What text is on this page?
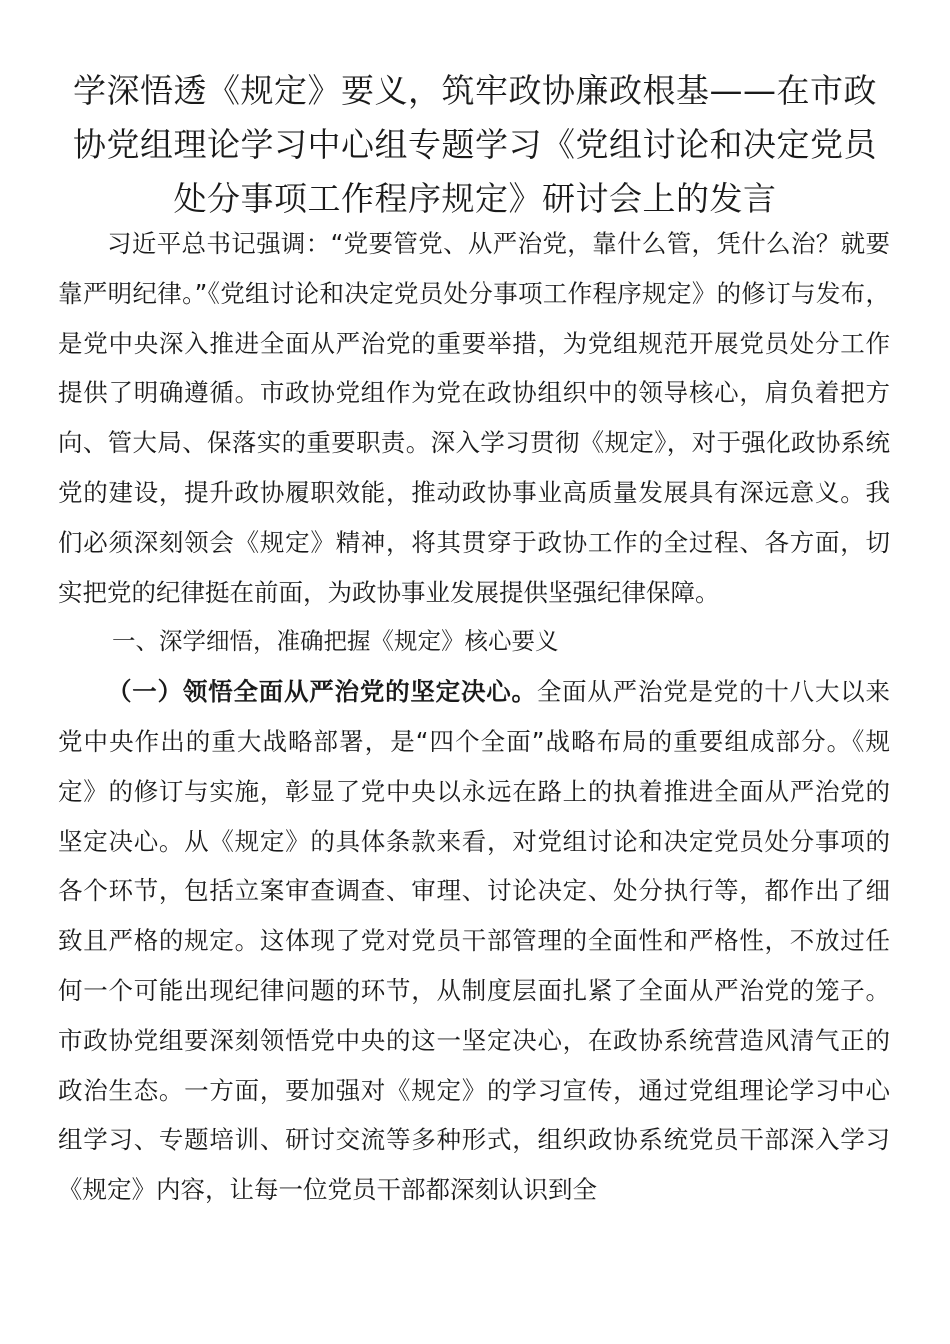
学深悟透《规定》要义，筑牢政协廉政根基——在市政协党组理论学习中心组专题学习《党组讨论和决定党员处分事项工作程序规定》研讨会上的发言

习近平总书记强调：“党要管党、从严治党，靠什么管，凭什么治？就要靠严明纪律。”《党组讨论和决定党员处分事项工作程序规定》的修订与发布，是党中央深入推进全面从严治党的重要举措，为党组规范开展党员处分工作提供了明确遵循。市政协党组作为党在政协组织中的领导核心，肩负着把方向、管大局、保落实的重要职责。深入学习贯彻《规定》，对于强化政协系统党的建设，提升政协履职效能，推动政协事业高质量发展具有深远意义。我们必须深刻领会《规定》精神，将其贯穿于政协工作的全过程、各方面，切实把党的纪律挺在前面，为政协事业发展提供坚强纪律保障。

一、深学细悟，准确把握《规定》核心要义

（一）领悟全面从严治党的坚定决心。全面从严治党是党的十八大以来党中央作出的重大战略部署，是“四个全面”战略布局的重要组成部分。《规定》的修订与实施，彰显了党中央以永远在路上的执着推进全面从严治党的坚定决心。从《规定》的具体条款来看，对党组讨论和决定党员处分事项的各个环节，包括立案审查调查、审理、讨论决定、处分执行等，都作出了细致且严格的规定。这体现了党对党员干部管理的全面性和严格性，不放过任何一个可能出现纪律问题的环节，从制度层面扎紧了全面从严治党的笼子。市政协党组要深刻领悟党中央的这一坚定决心，在政协系统营造风清气正的政治生态。一方面，要加强对《规定》的学习宣传，通过党组理论学习中心组学习、专题培训、研讨交流等多种形式，组织政协系统党员干部深入学习《规定》内容，让每一位党员干部都深刻认识到全
